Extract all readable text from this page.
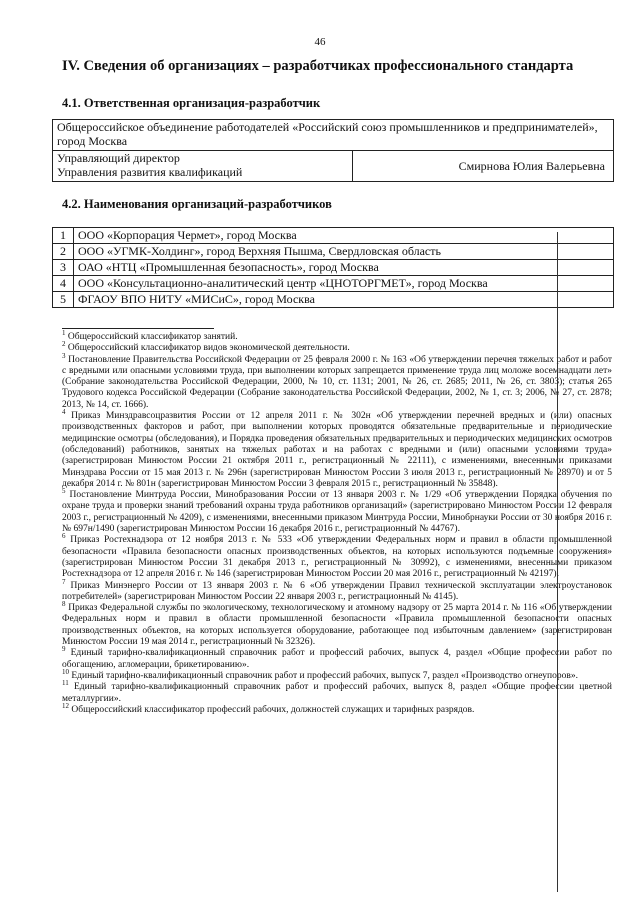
46
IV. Сведения об организациях – разработчиках профессионального стандарта
4.1. Ответственная организация-разработчик
Общероссийское объединение работодателей «Российский союз промышленников и предпринимателей», город Москва

Управляющий директор
Управления развития квалификаций	Смирнова Юлия Валерьевна
4.2. Наименования организаций-разработчиков
1	ООО «Корпорация Чермет», город Москва
2	ООО «УГМК-Холдинг», город Верхняя Пышма, Свердловская область
3	ОАО «НТЦ «Промышленная безопасность», город Москва
4	ООО «Консультационно-аналитический центр «ЦНОТОРГМЕТ», город Москва
5	ФГАОУ ВПО НИТУ «МИСиС», город Москва

$^1$ Общероссийский классификатор занятий.

$^2$ Общероссийский классификатор видов экономической деятельности.

$^3$ Постановление Правительства Российской Федерации от 25 февраля 2000 г. № 163 «Об утверждении перечня тяжелых работ и работ с вредными или опасными условиями труда, при выполнении которых запрещается применение труда лиц моложе восемнадцати лет» (Собрание законодательства Российской Федерации, 2000, № 10, ст. 1131; 2001, № 26, ст. 2685; 2011, № 26, ст. 3803); статья 265 Трудового кодекса Российской Федерации (Собрание законодательства Российской Федерации, 2002, № 1, ст. 3; 2006, № 27, ст. 2878; 2013, № 14, ст. 1666).

$^4$ Приказ Минздравсоцразвития России от 12 апреля 2011 г. № 302н «Об утверждении перечней вредных и (или) опасных производственных факторов и работ, при выполнении которых проводятся обязательные предварительные и периодические медицинские осмотры (обследования), и Порядка проведения обязательных предварительных и периодических медицинских осмотров (обследований) работников, занятых на тяжелых работах и на работах с вредными и (или) опасными условиями труда» (зарегистрирован Минюстом России 21 октября 2011 г., регистрационный № 22111), с изменениями, внесенными приказами Минздрава России от 15 мая 2013 г. № 296н (зарегистрирован Минюстом России 3 июля 2013 г., регистрационный № 28970) и от 5 декабря 2014 г. № 801н (зарегистрирован Минюстом России 3 февраля 2015 г., регистрационный № 35848).

$^5$ Постановление Минтруда России, Минобразования России от 13 января 2003 г. № 1/29 «Об утверждении Порядка обучения по охране труда и проверки знаний требований охраны труда работников организаций» (зарегистрировано Минюстом России 12 февраля 2003 г., регистрационный № 4209), с изменениями, внесенными приказом Минтруда России, Минобрнауки России от 30 ноября 2016 г. № 697н/1490 (зарегистрирован Минюстом России 16 декабря 2016 г., регистрационный № 44767).

$^6$ Приказ Ростехнадзора от 12 ноября 2013 г. № 533 «Об утверждении Федеральных норм и правил в области промышленной безопасности «Правила безопасности опасных производственных объектов, на которых используются подъемные сооружения» (зарегистрирован Минюстом России 31 декабря 2013 г., регистрационный № 30992), с изменениями, внесенными приказом Ростехнадзора от 12 апреля 2016 г. № 146 (зарегистрирован Минюстом России 20 мая 2016 г., регистрационный № 42197).

$^7$ Приказ Минэнерго России от 13 января 2003 г. № 6 «Об утверждении Правил технической эксплуатации электроустановок потребителей» (зарегистрирован Минюстом России 22 января 2003 г., регистрационный № 4145).

$^8$ Приказ Федеральной службы по экологическому, технологическому и атомному надзору от 25 марта 2014 г. № 116 «Об утверждении Федеральных норм и правил в области промышленной безопасности «Правила промышленной безопасности опасных производственных объектов, на которых используется оборудование, работающее под избыточным давлением» (зарегистрирован Минюстом России 19 мая 2014 г., регистрационный № 32326).

$^9$ Единый тарифно-квалификационный справочник работ и профессий рабочих, выпуск 4, раздел «Общие профессии работ по обогащению, агломерации, брикетированию».

$^{10}$ Единый тарифно-квалификационный справочник работ и профессий рабочих, выпуск 7, раздел «Производство огнеупоров».

$^{11}$ Единый тарифно-квалификационный справочник работ и профессий рабочих, выпуск 8, раздел «Общие профессии цветной металлургии».

$^{12}$ Общероссийский классификатор профессий рабочих, должностей служащих и тарифных разрядов.
